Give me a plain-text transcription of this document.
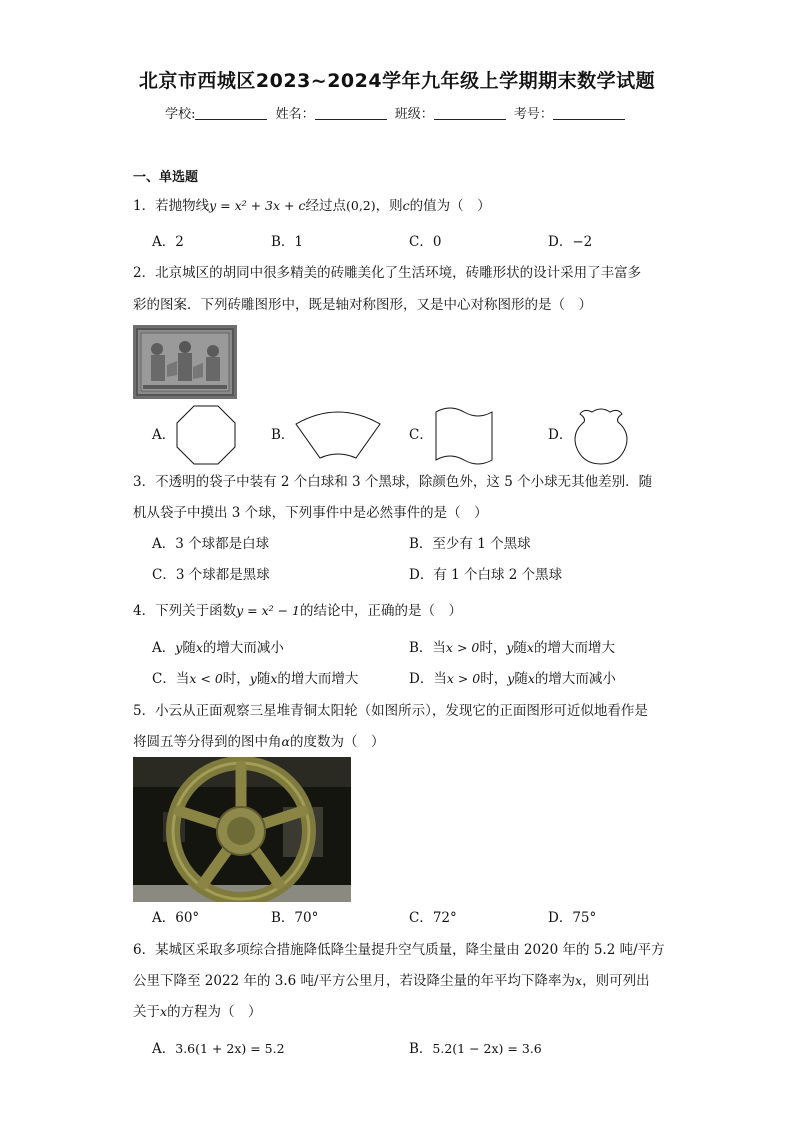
北京市西城区2023~2024学年九年级上学期期末数学试题
学校:	姓名：	班级：	考号：
一、单选题
1．若抛物线y = x² + 3x + c经过点(0,2)，则c的值为（　）
A．2	B．1	C．0	D．−2
2．北京城区的胡同中很多精美的砖雕美化了生活环境，砖雕形状的设计采用了丰富多
彩的图案．下列砖雕图形中，既是轴对称图形，又是中心对称图形的是（　）
A．	B．	C．	D．
3．不透明的袋子中装有 2 个白球和 3 个黑球，除颜色外，这 5 个小球无其他差别．随
机从袋子中摸出 3 个球，下列事件中是必然事件的是（　）
A．3 个球都是白球	B．至少有 1 个黑球
C．3 个球都是黑球	D．有 1 个白球 2 个黑球
4．下列关于函数y = x² − 1的结论中，正确的是（　）
A．y随x的增大而减小	B．当x > 0时，y随x的增大而增大
C．当x < 0时，y随x的增大而增大	D．当x > 0时，y随x的增大而减小
5．小云从正面观察三星堆青铜太阳轮（如图所示），发现它的正面图形可近似地看作是
将圆五等分得到的图中角α的度数为（　）
A．60°	B．70°	C．72°	D．75°
6．某城区采取多项综合措施降低降尘量提升空气质量，降尘量由 2020 年的 5.2 吨/平方
公里下降至 2022 年的 3.6 吨/平方公里月，若设降尘量的年平均下降率为x，则可列出
关于x的方程为（　）
A．3.6(1 + 2x) = 5.2	B．5.2(1 − 2x) = 3.6
